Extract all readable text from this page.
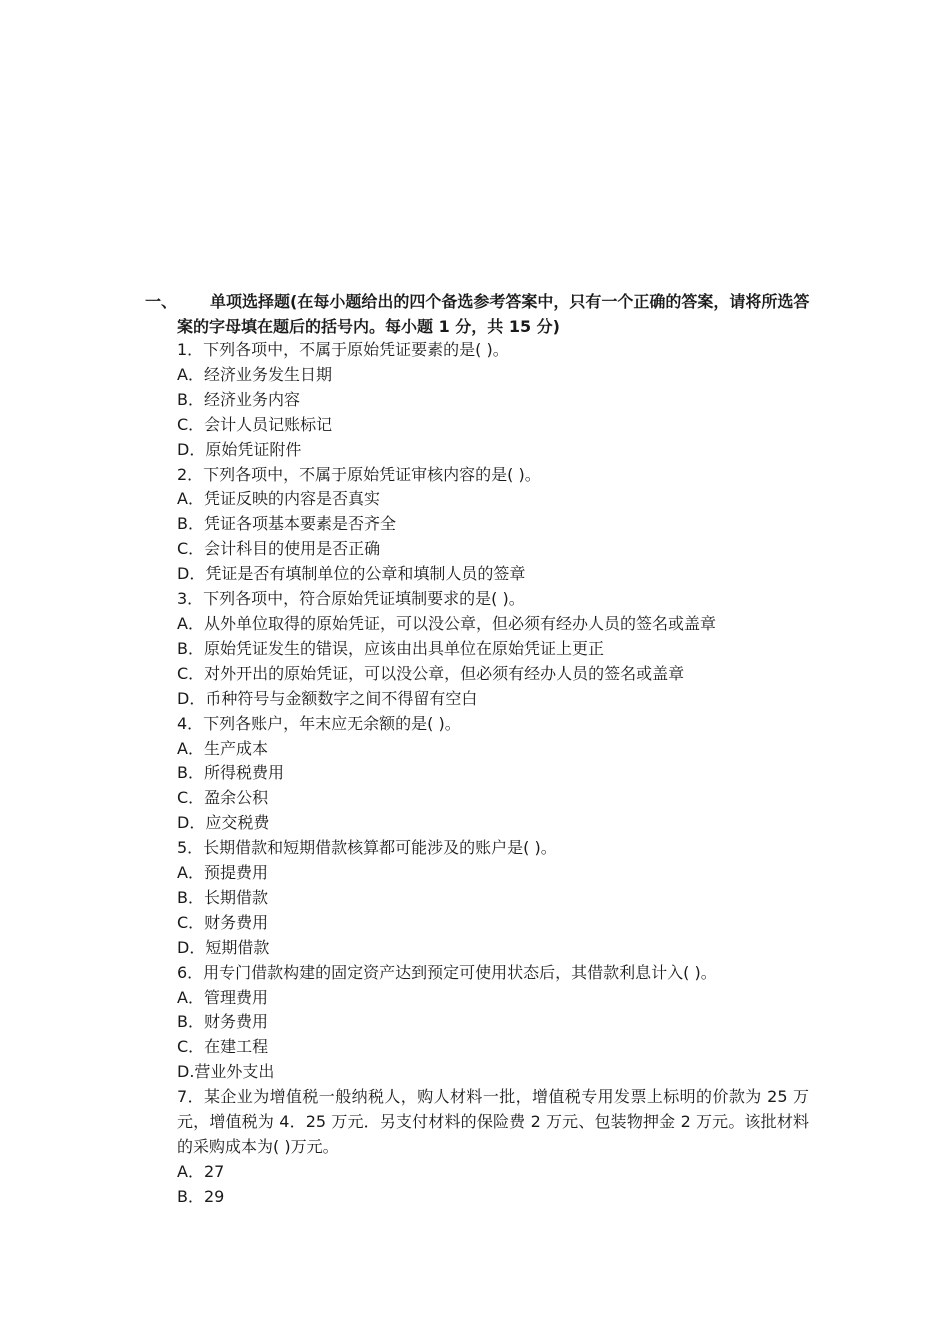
一、	单项选择题(在每小题给出的四个备选参考答案中，只有一个正确的答案，请将所选答案的字母填在题后的括号内。每小题 1 分，共 15 分)

1．下列各项中，不属于原始凭证要素的是( )。

A．经济业务发生日期

B．经济业务内容

C．会计人员记账标记

D．原始凭证附件

2．下列各项中，不属于原始凭证审核内容的是( )。

A．凭证反映的内容是否真实

B．凭证各项基本要素是否齐全

C．会计科目的使用是否正确

D．凭证是否有填制单位的公章和填制人员的签章

3．下列各项中，符合原始凭证填制要求的是( )。

A．从外单位取得的原始凭证，可以没公章，但必须有经办人员的签名或盖章

B．原始凭证发生的错误，应该由出具单位在原始凭证上更正

C．对外开出的原始凭证，可以没公章，但必须有经办人员的签名或盖章

D．币种符号与金额数字之间不得留有空白

4．下列各账户，年末应无余额的是( )。

A．生产成本

B．所得税费用

C．盈余公积

D．应交税费

5．长期借款和短期借款核算都可能涉及的账户是( )。

A．预提费用

B．长期借款

C．财务费用

D．短期借款

6．用专门借款构建的固定资产达到预定可使用状态后，其借款利息计入( )。

A．管理费用

B．财务费用

C．在建工程

D.营业外支出

7．某企业为增值税一般纳税人，购人材料一批，增值税专用发票上标明的价款为 25 万元，增值税为 4．25 万元．另支付材料的保险费 2 万元、包装物押金 2 万元。该批材料的采购成本为( )万元。

A．27

B．29
